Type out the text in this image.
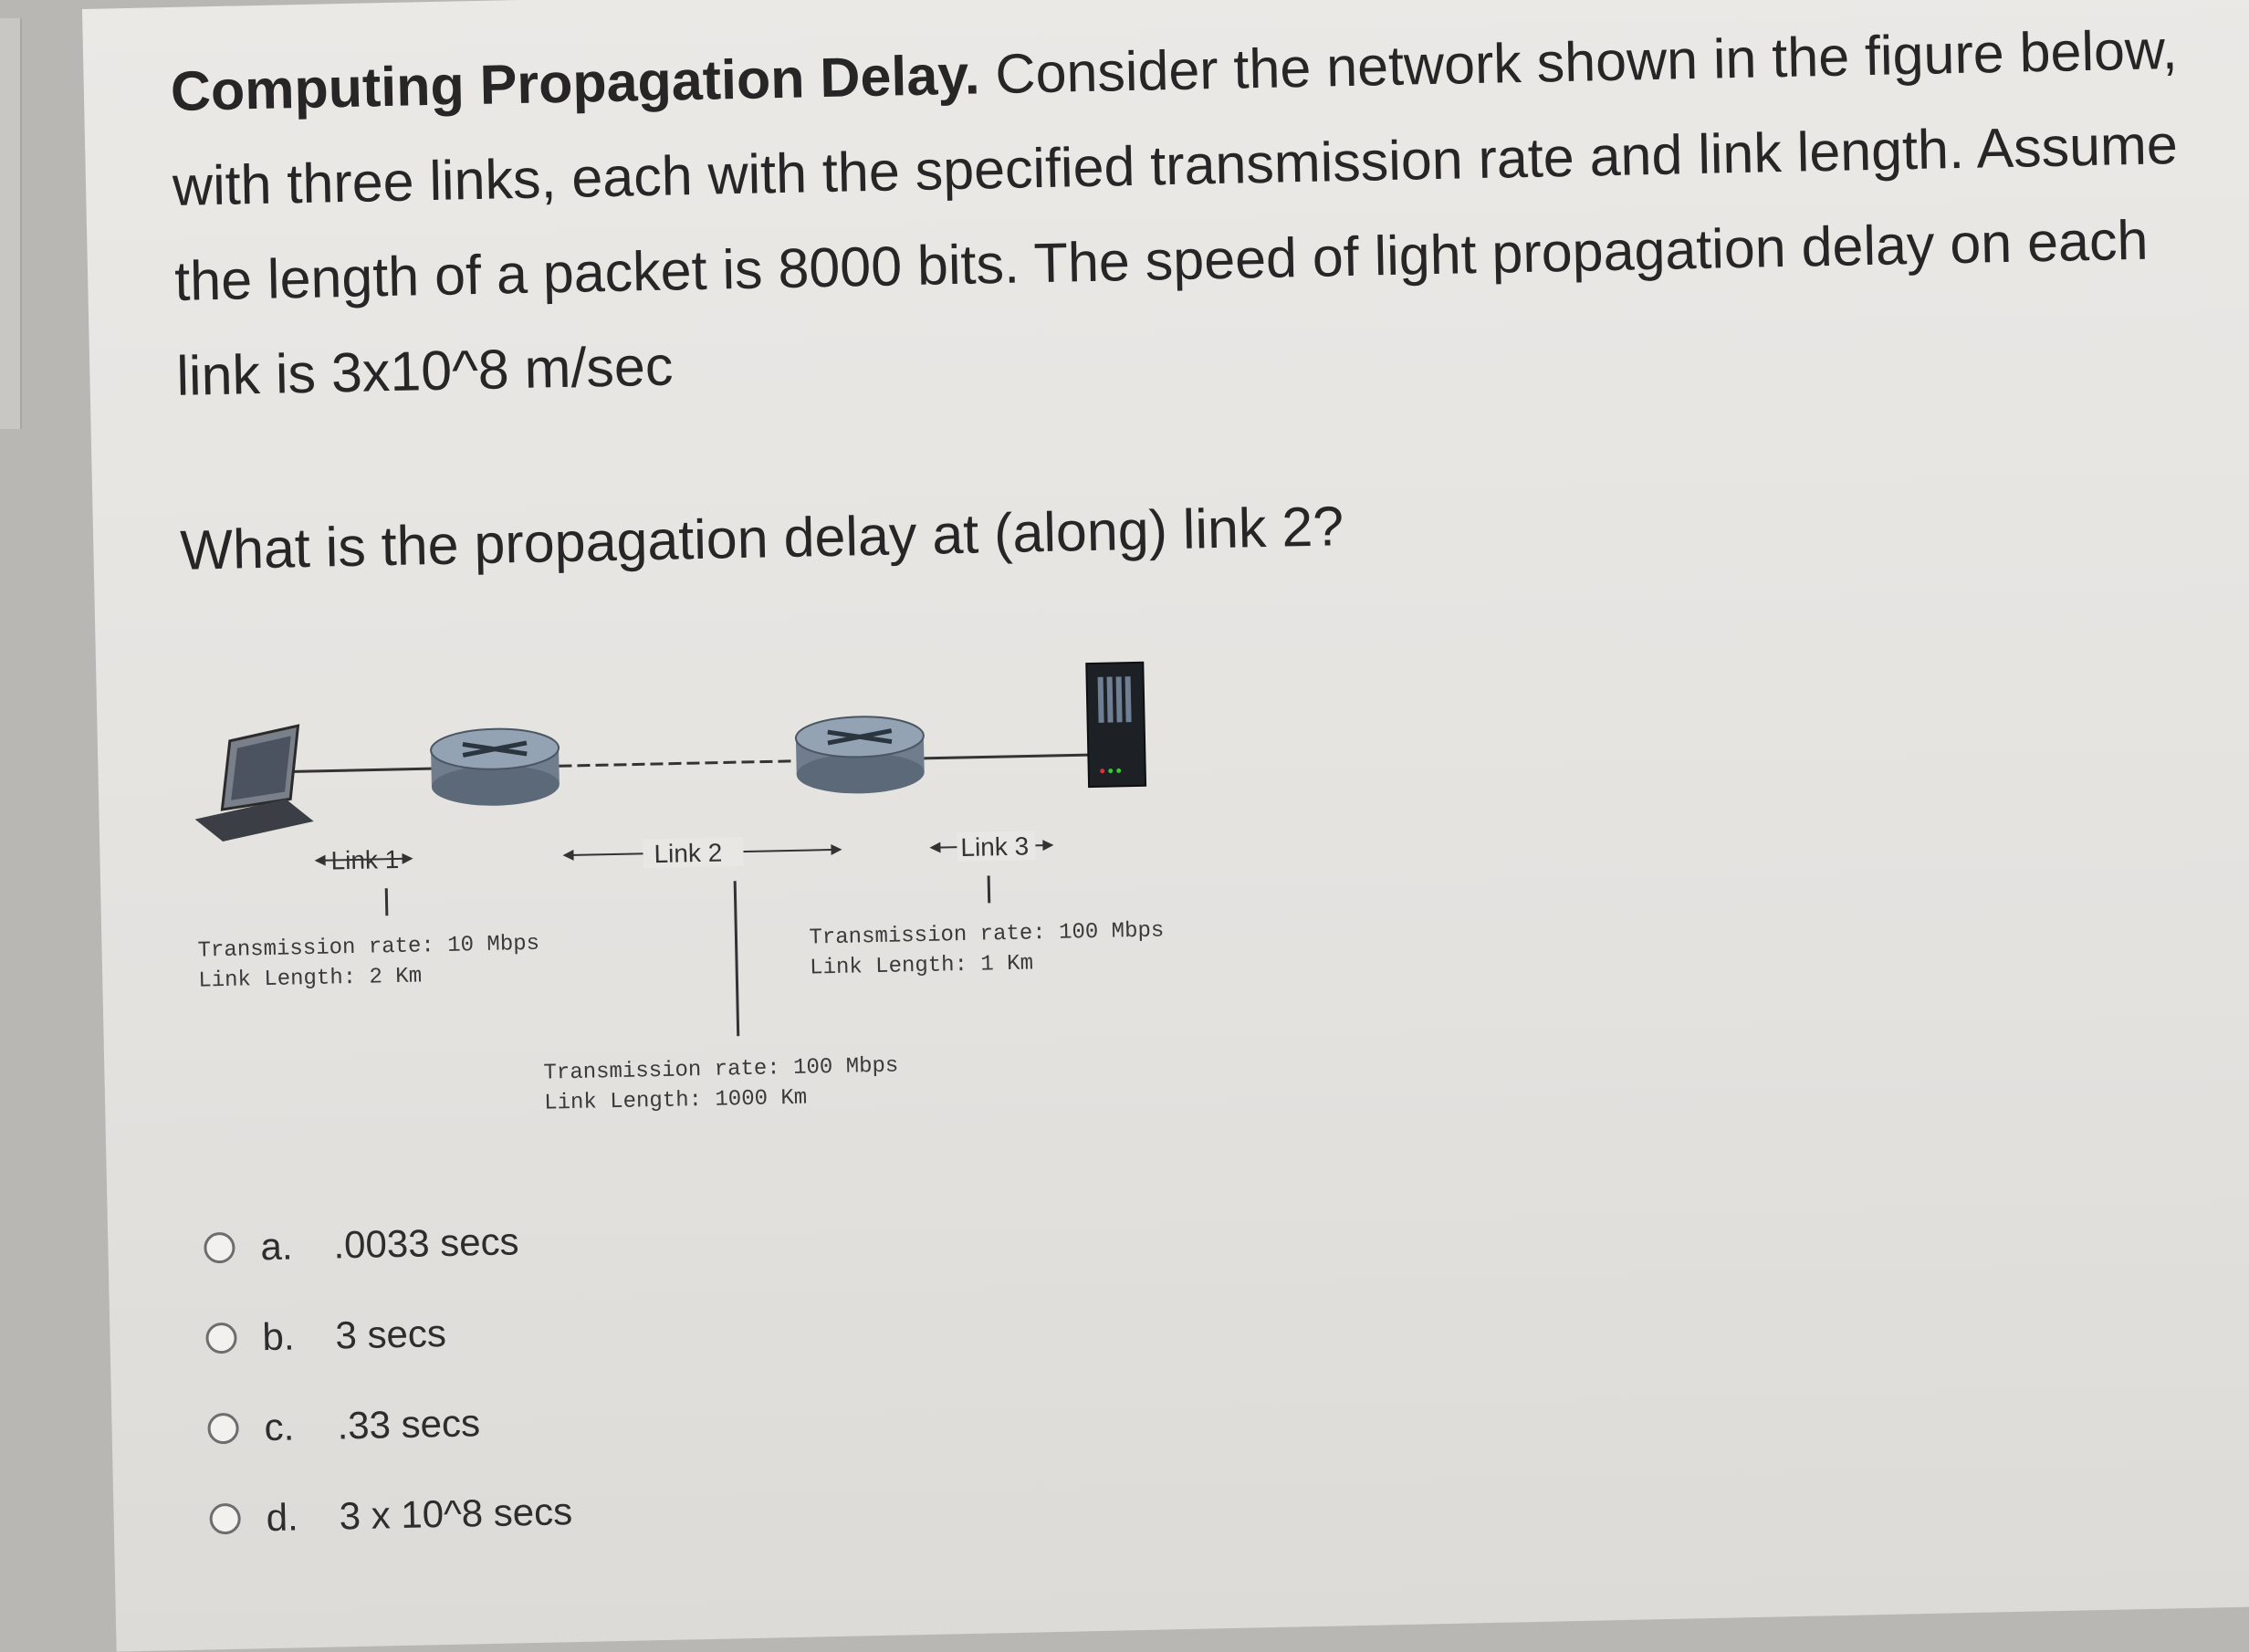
Computing Propagation Delay. Consider the network shown in the figure below, with three links, each with the specified transmission rate and link length. Assume the length of a packet is 8000 bits. The speed of light propagation delay on each link is 3x10^8 m/sec
What is the propagation delay at (along) link 2?
Link 1	Link 2	Link 3
Transmission rate: 10 Mbps
Link Length: 2 Km
Transmission rate: 100 Mbps
Link Length: 1 Km
Transmission rate: 100 Mbps
Link Length: 1000 Km
a.	.0033 secs
b.	3 secs
c.	.33 secs
d.	3 x 10^8 secs
